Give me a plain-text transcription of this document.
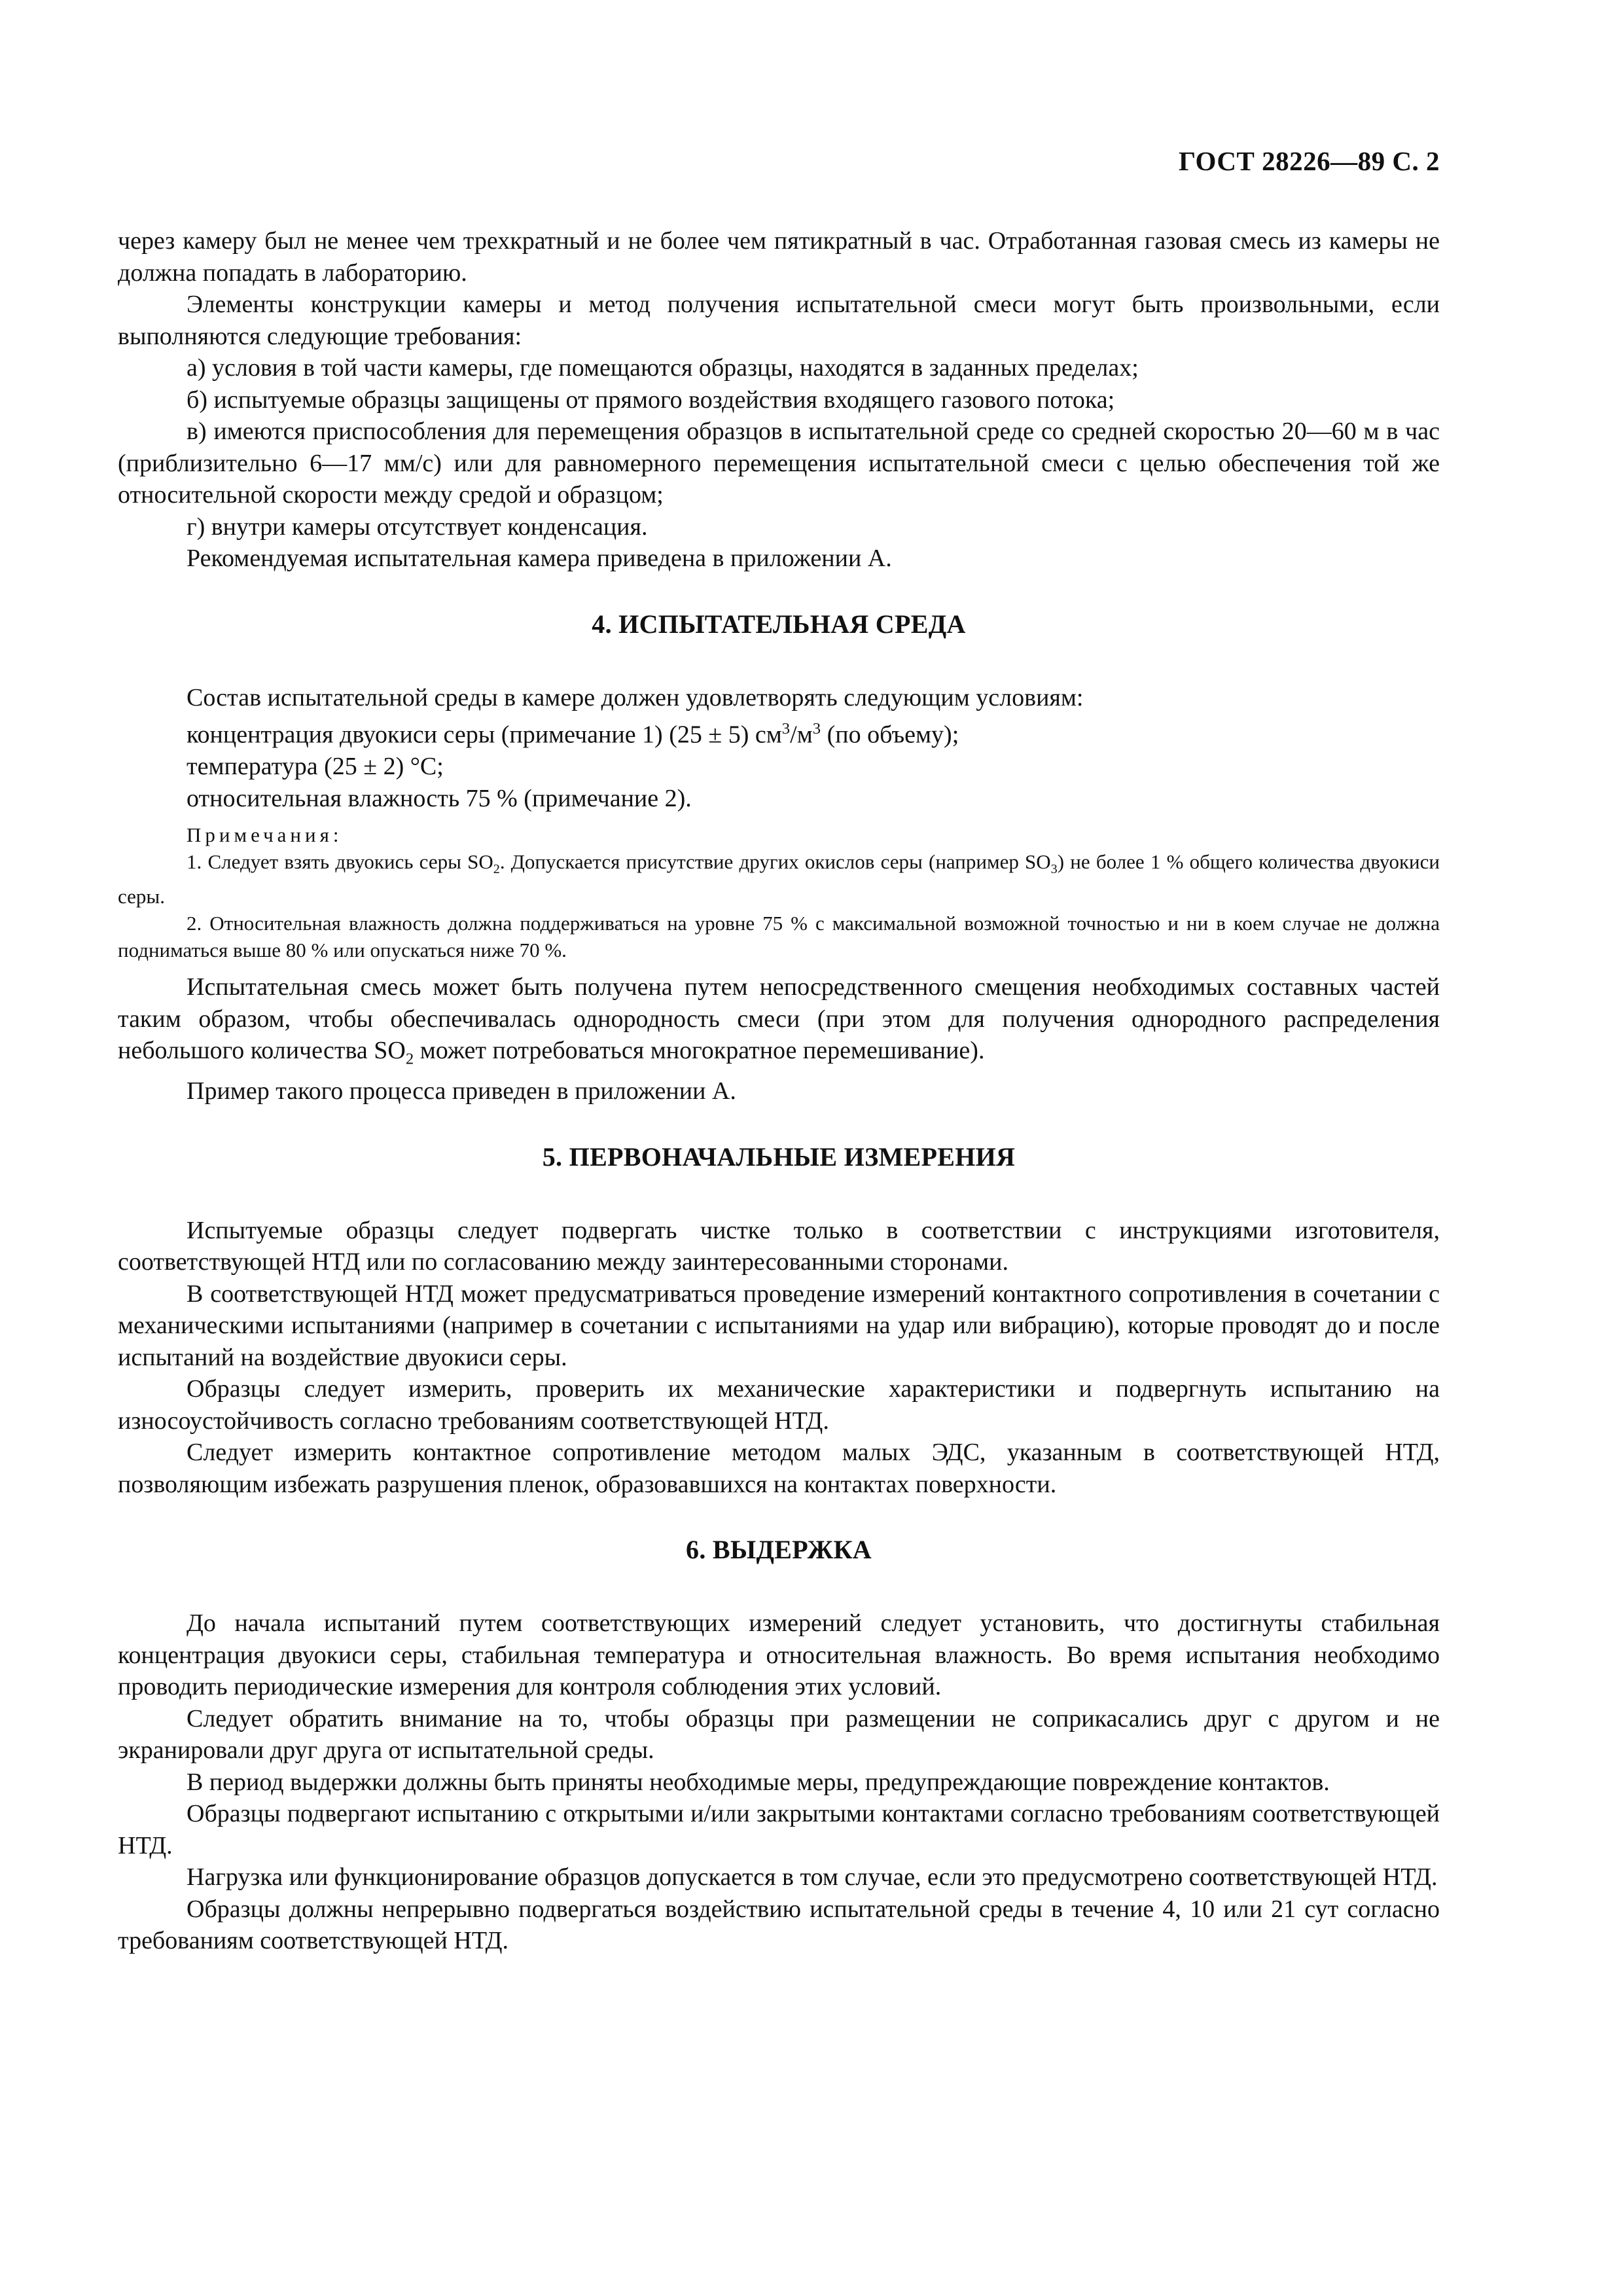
ГОСТ 28226—89 С. 2

через камеру был не менее чем трехкратный и не более чем пятикратный в час. Отработанная газовая смесь из камеры не должна попадать в лабораторию.

Элементы конструкции камеры и метод получения испытательной смеси могут быть произвольными, если выполняются следующие требования:

а) условия в той части камеры, где помещаются образцы, находятся в заданных пределах;

б) испытуемые образцы защищены от прямого воздействия входящего газового потока;

в) имеются приспособления для перемещения образцов в испытательной среде со средней скоростью 20—60 м в час (приблизительно 6—17 мм/с) или для равномерного перемещения испытательной смеси с целью обеспечения той же относительной скорости между средой и образцом;

г) внутри камеры отсутствует конденсация.

Рекомендуемая испытательная камера приведена в приложении А.

4. ИСПЫТАТЕЛЬНАЯ СРЕДА

Состав испытательной среды в камере должен удовлетворять следующим условиям:

концентрация двуокиси серы (примечание 1) (25 ± 5) $см^3/м^3$ (по объему);

температура (25 ± 2) °С;

относительная влажность 75 % (примечание 2).

Примечания:

1. Следует взять двуокись серы $SO_2$. Допускается присутствие других окислов серы (например $SO_3$) не более 1 % общего количества двуокиси серы.

2. Относительная влажность должна поддерживаться на уровне 75 % с максимальной возможной точностью и ни в коем случае не должна подниматься выше 80 % или опускаться ниже 70 %.

Испытательная смесь может быть получена путем непосредственного смещения необходимых составных частей таким образом, чтобы обеспечивалась однородность смеси (при этом для получения однородного распределения небольшого количества $SO_2$ может потребоваться многократное перемешивание).

Пример такого процесса приведен в приложении А.

5. ПЕРВОНАЧАЛЬНЫЕ ИЗМЕРЕНИЯ

Испытуемые образцы следует подвергать чистке только в соответствии с инструкциями изготовителя, соответствующей НТД или по согласованию между заинтересованными сторонами.

В соответствующей НТД может предусматриваться проведение измерений контактного сопротивления в сочетании с механическими испытаниями (например в сочетании с испытаниями на удар или вибрацию), которые проводят до и после испытаний на воздействие двуокиси серы.

Образцы следует измерить, проверить их механические характеристики и подвергнуть испытанию на износоустойчивость согласно требованиям соответствующей НТД.

Следует измерить контактное сопротивление методом малых ЭДС, указанным в соответствующей НТД, позволяющим избежать разрушения пленок, образовавшихся на контактах поверхности.

6. ВЫДЕРЖКА

До начала испытаний путем соответствующих измерений следует установить, что достигнуты стабильная концентрация двуокиси серы, стабильная температура и относительная влажность. Во время испытания необходимо проводить периодические измерения для контроля соблюдения этих условий.

Следует обратить внимание на то, чтобы образцы при размещении не соприкасались друг с другом и не экранировали друг друга от испытательной среды.

В период выдержки должны быть приняты необходимые меры, предупреждающие повреждение контактов.

Образцы подвергают испытанию с открытыми и/или закрытыми контактами согласно требованиям соответствующей НТД.

Нагрузка или функционирование образцов допускается в том случае, если это предусмотрено соответствующей НТД.

Образцы должны непрерывно подвергаться воздействию испытательной среды в течение 4, 10 или 21 сут согласно требованиям соответствующей НТД.
